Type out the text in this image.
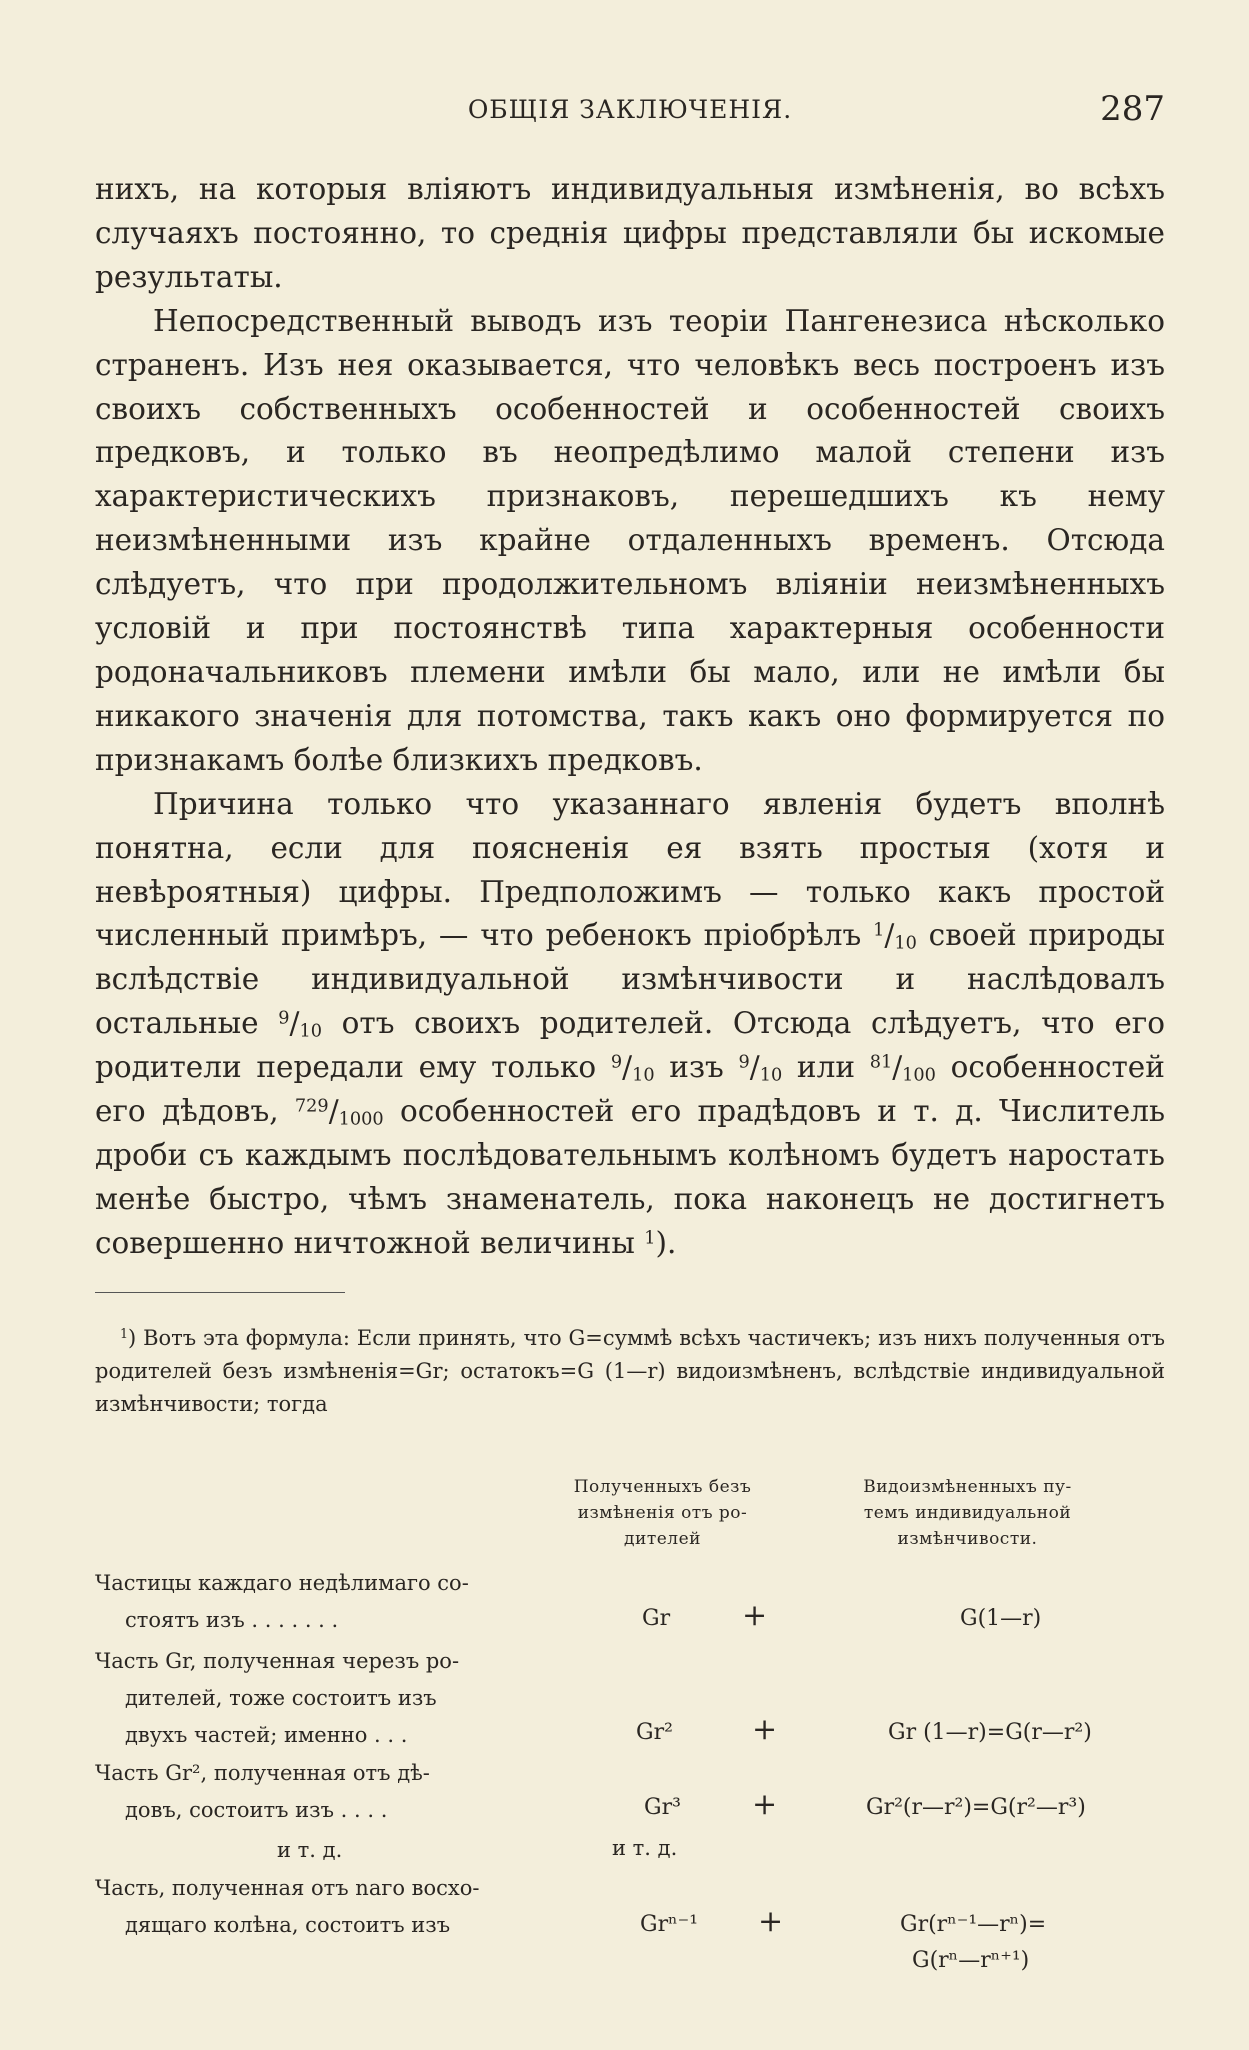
ОБЩІЯ ЗАКЛЮЧЕНІЯ.	287

нихъ, на которыя вліяютъ индивидуальныя измѣненія, во всѣхъ случаяхъ постоянно, то среднія цифры представляли бы искомые результаты.

Непосредственный выводъ изъ теоріи Пангенезиса нѣсколько страненъ. Изъ нея оказывается, что человѣкъ весь построенъ изъ своихъ собственныхъ особенностей и особенностей своихъ предковъ, и только въ неопредѣлимо малой степени изъ характеристическихъ признаковъ, перешедшихъ къ нему неизмѣненными изъ крайне отдаленныхъ временъ. Отсюда слѣдуетъ, что при продолжительномъ вліяніи неизмѣненныхъ условій и при постоянствѣ типа характерныя особенности родоначальниковъ племени имѣли бы мало, или не имѣли бы никакого значенія для потомства, такъ какъ оно формируется по признакамъ болѣе близкихъ предковъ.

Причина только что указаннаго явленія будетъ вполнѣ понятна, если для поясненія ея взять простыя (хотя и невѣроятныя) цифры. Предположимъ — только какъ простой численный примѣръ, — что ребенокъ пріобрѣлъ $^1/_{10}$ своей природы вслѣдствіе индивидуальной измѣнчивости и наслѣдовалъ остальные $^9/_{10}$ отъ своихъ родителей. Отсюда слѣдуетъ, что его родители передали ему только $^9/_{10}$ изъ $^9/_{10}$ или $^{81}/_{100}$ особенностей его дѣдовъ, $^{729}/_{1000}$ особенностей его прадѣдовъ и т. д. Числитель дроби съ каждымъ послѣдовательнымъ колѣномъ будетъ наростать менѣе быстро, чѣмъ знаменатель, пока наконецъ не достигнетъ совершенно ничтожной величины $^1$).

$^1$) Вотъ эта формула: Если принять, что G=суммѣ всѣхъ частичекъ; изъ нихъ полученныя отъ родителей безъ измѣненія=Gr; остатокъ=G (1—r) видоизмѣненъ, вслѣдствіе индивидуальной измѣнчивости; тогда

Полученныхъ безъ
измѣненія отъ ро-
дителей
Видоизмѣненныхъ пу-
темъ индивидуальной
измѣнчивости.
Частицы каждаго недѣлимаго со-
стоятъ изъ . . . . . . .	Gr +	G(1—r)
Часть Gr, полученная черезъ ро-
дителей, тоже состоитъ изъ
двухъ частей; именно . . .	Gr²	+	Gr (1—r)=G(r—r²)
Часть Gr², полученная отъ дѣ-
довъ, состоитъ изъ . . . .	Gr³ +	Gr²(r—r²)=G(r²—r³)
и т. д.	и т. д.
Часть, полученная отъ nаго восхо-
дящаго колѣна, состоитъ изъ	Grⁿ⁻¹ +	Gr(rⁿ⁻¹—rⁿ)=
G(rⁿ—rⁿ⁺¹)
